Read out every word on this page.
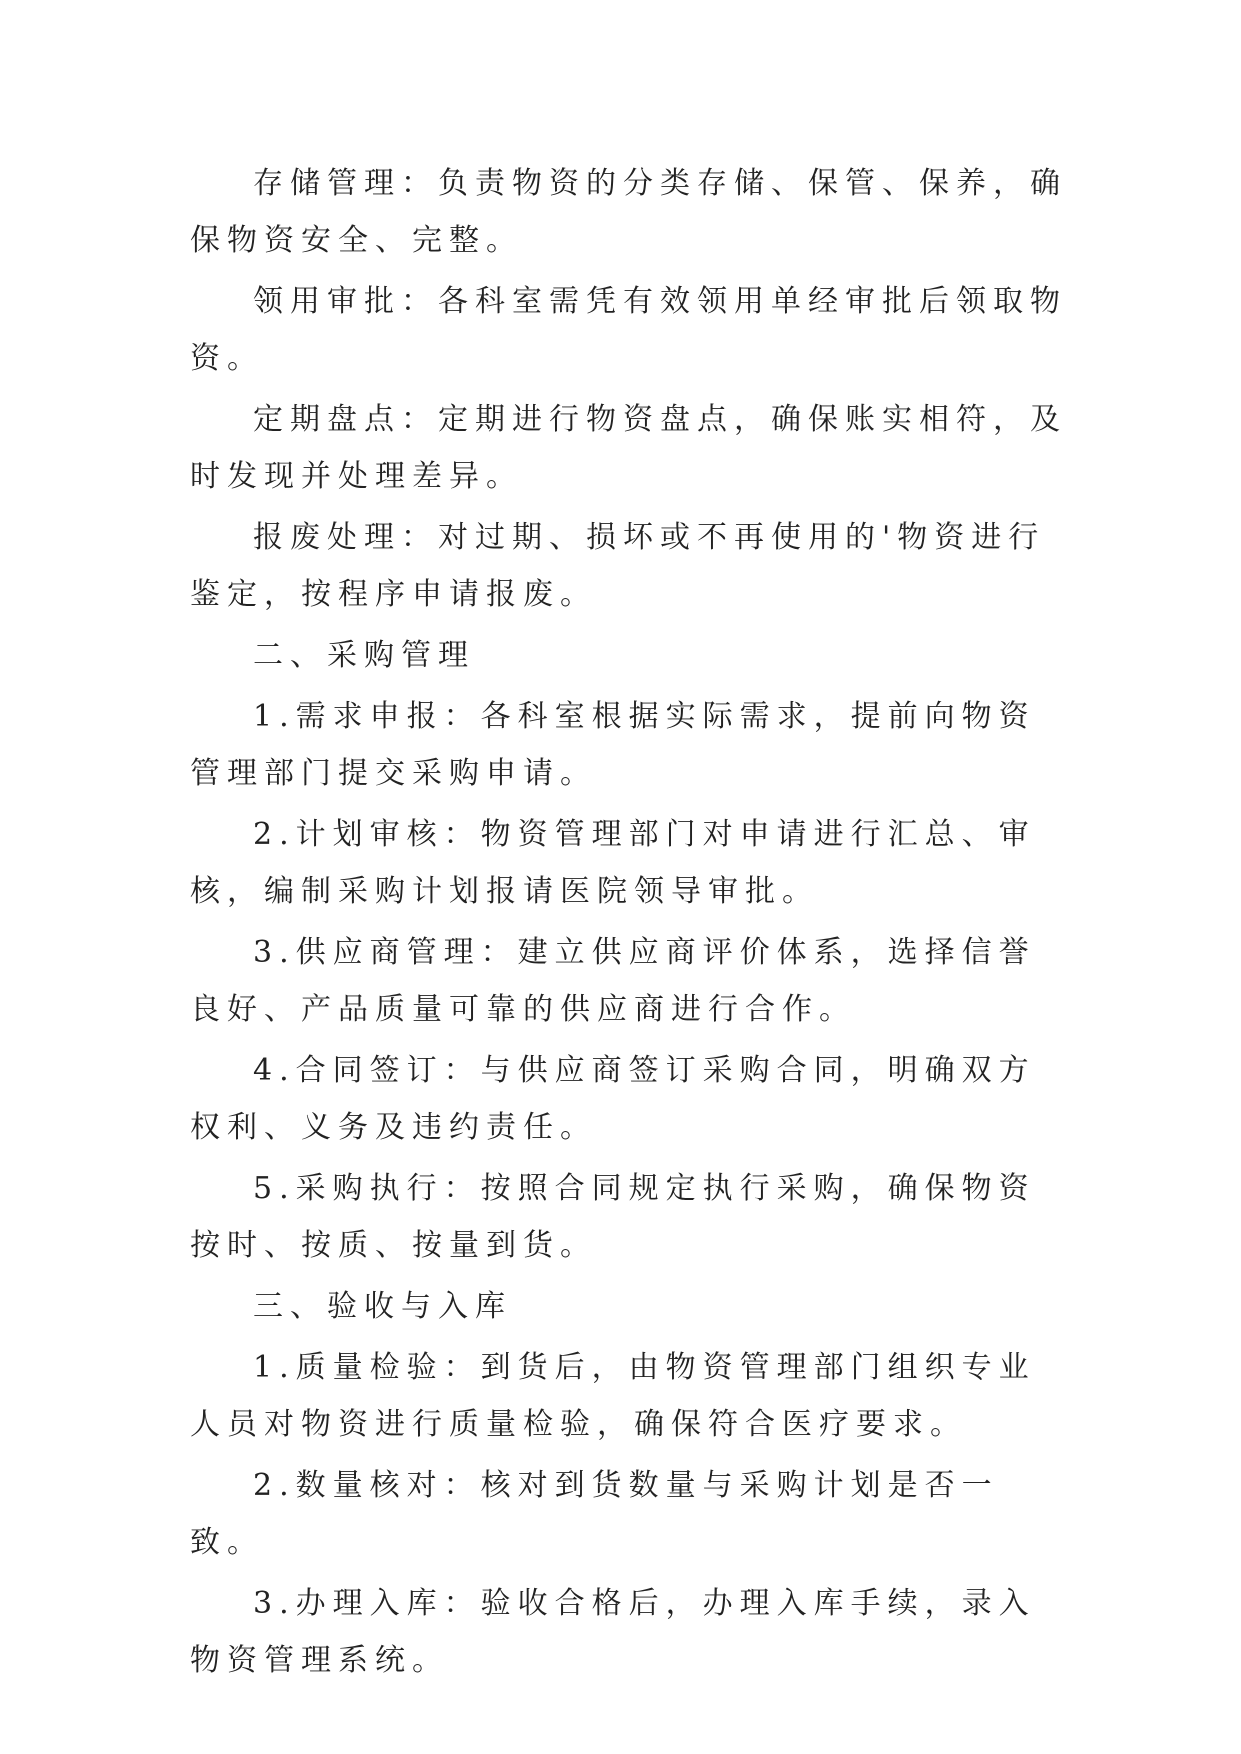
存储管理：负责物资的分类存储、保管、保养，确保物资安全、完整。

领用审批：各科室需凭有效领用单经审批后领取物资。

定期盘点：定期进行物资盘点，确保账实相符，及时发现并处理差异。

报废处理：对过期、损坏或不再使用的'物资进行鉴定，按程序申请报废。

二、采购管理

1.需求申报：各科室根据实际需求，提前向物资管理部门提交采购申请。

2.计划审核：物资管理部门对申请进行汇总、审核，编制采购计划报请医院领导审批。

3.供应商管理：建立供应商评价体系，选择信誉良好、产品质量可靠的供应商进行合作。

4.合同签订：与供应商签订采购合同，明确双方权利、义务及违约责任。

5.采购执行：按照合同规定执行采购，确保物资按时、按质、按量到货。

三、验收与入库

1.质量检验：到货后，由物资管理部门组织专业人员对物资进行质量检验，确保符合医疗要求。

2.数量核对：核对到货数量与采购计划是否一致。

3.办理入库：验收合格后，办理入库手续，录入物资管理系统。
